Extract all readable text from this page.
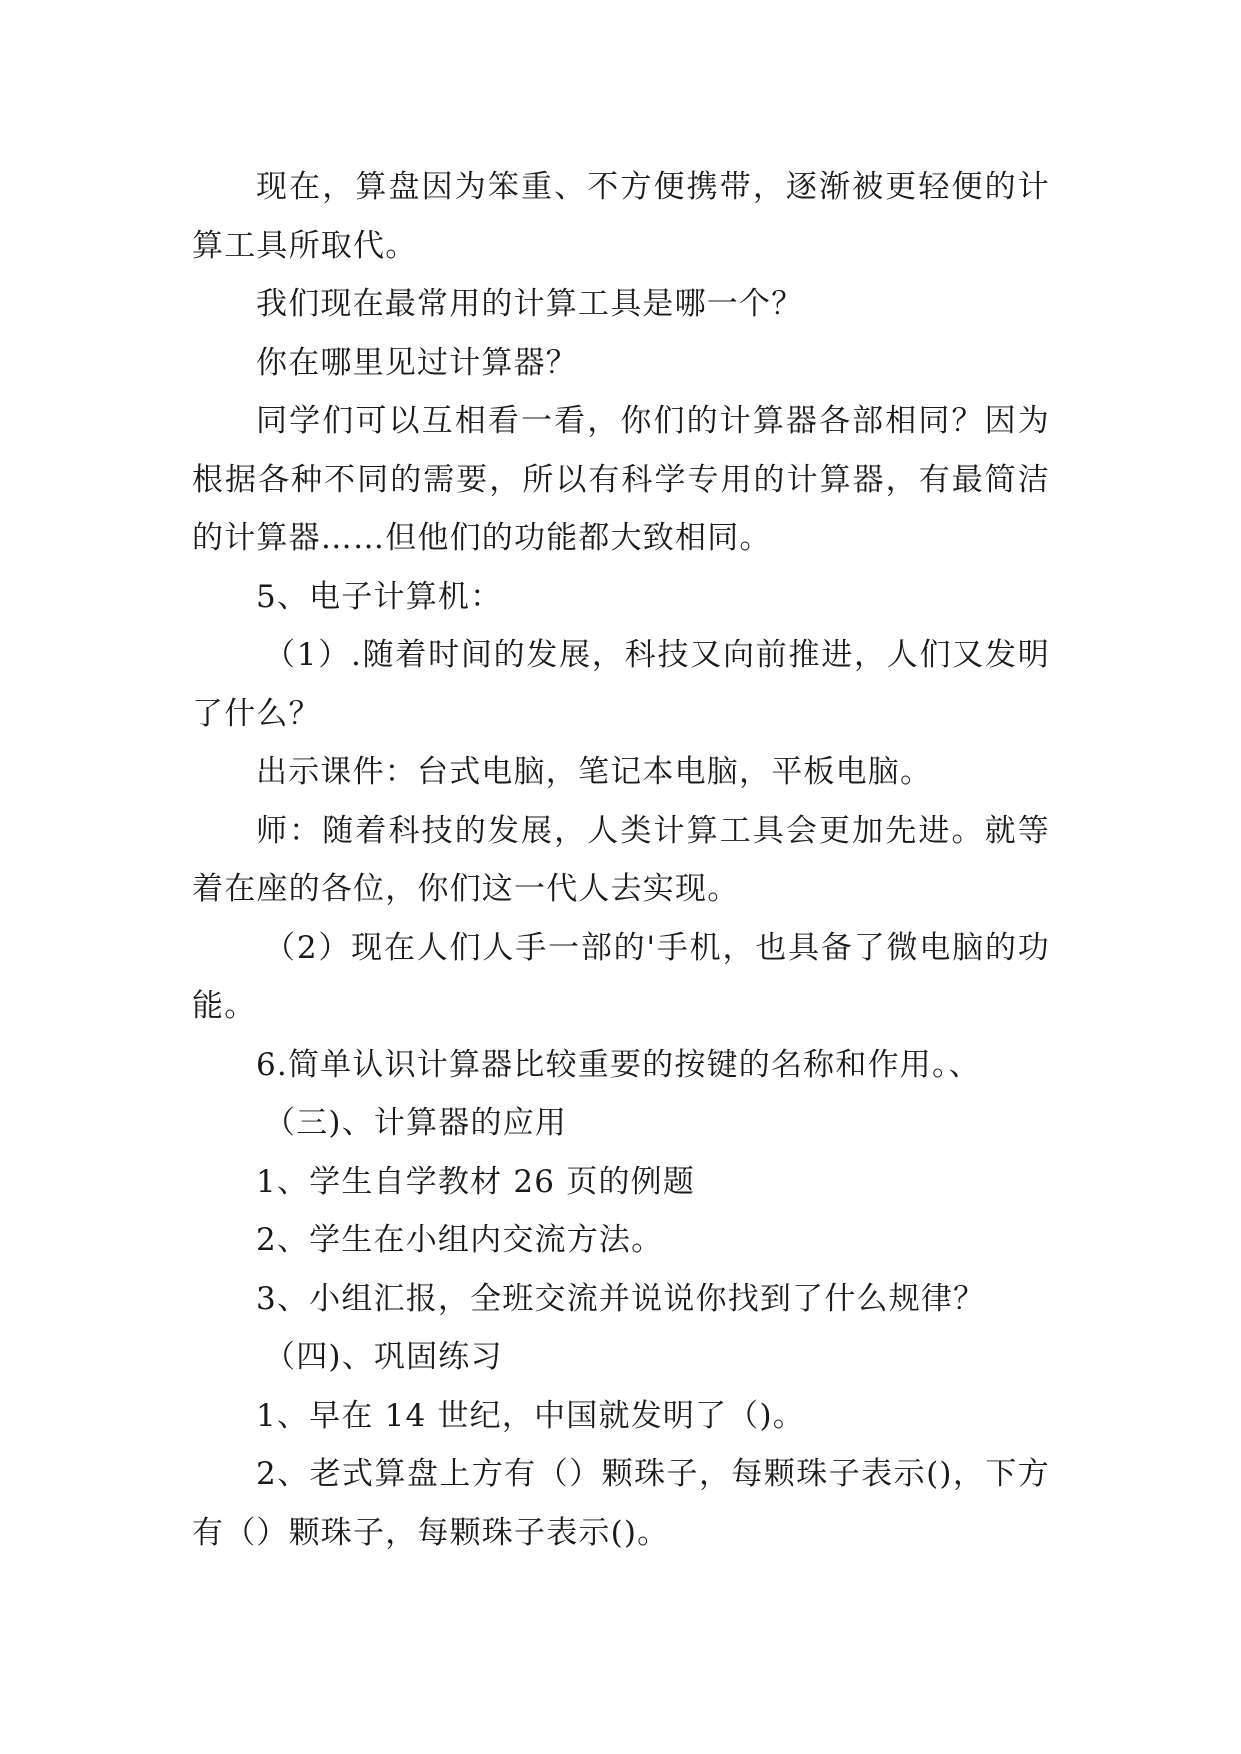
现在，算盘因为笨重、不方便携带，逐渐被更轻便的计算工具所取代。

我们现在最常用的计算工具是哪一个？

你在哪里见过计算器？

同学们可以互相看一看，你们的计算器各部相同？因为根据各种不同的需要，所以有科学专用的计算器，有最简洁的计算器……但他们的功能都大致相同。

5、电子计算机：

（1）.随着时间的发展，科技又向前推进，人们又发明了什么？

出示课件：台式电脑，笔记本电脑，平板电脑。

师：随着科技的发展，人类计算工具会更加先进。就等着在座的各位，你们这一代人去实现。

（2）现在人们人手一部的'手机，也具备了微电脑的功能。

6.简单认识计算器比较重要的按键的名称和作用。、

（三)、计算器的应用

1、学生自学教材 26 页的例题

2、学生在小组内交流方法。

3、小组汇报，全班交流并说说你找到了什么规律？

（四)、巩固练习

1、早在 14 世纪，中国就发明了（)。

2、老式算盘上方有（）颗珠子，每颗珠子表示()，下方有（）颗珠子，每颗珠子表示()。
